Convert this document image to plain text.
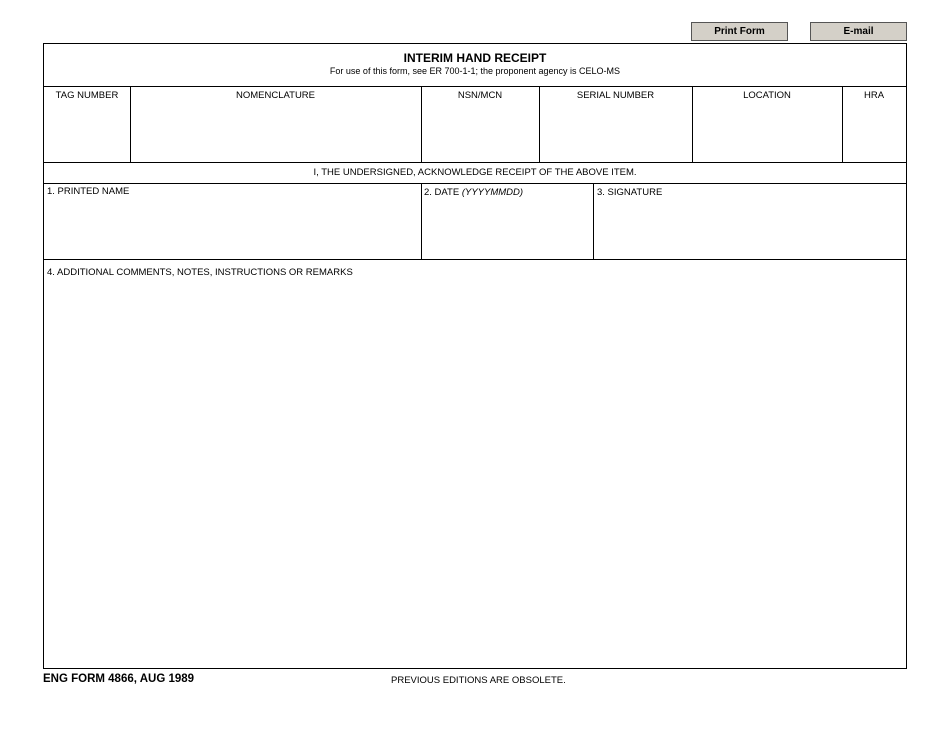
Print Form	E-mail
INTERIM HAND RECEIPT
For use of this form, see ER 700-1-1; the proponent agency is CELO-MS
TAG NUMBER	NOMENCLATURE	NSN/MCN	SERIAL NUMBER	LOCATION	HRA
I, THE UNDERSIGNED, ACKNOWLEDGE RECEIPT OF THE ABOVE ITEM.
1. PRINTED NAME	2. DATE (YYYYMMDD)	3. SIGNATURE
4. ADDITIONAL COMMENTS, NOTES, INSTRUCTIONS OR REMARKS
ENG FORM 4866, AUG 1989	PREVIOUS EDITIONS ARE OBSOLETE.
